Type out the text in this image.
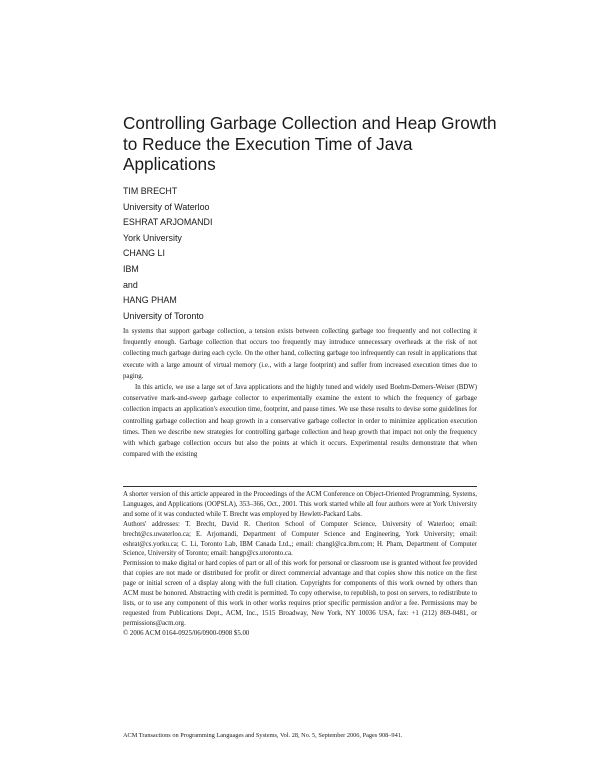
Controlling Garbage Collection and Heap Growth to Reduce the Execution Time of Java Applications
TIM BRECHT
University of Waterloo
ESHRAT ARJOMANDI
York University
CHANG LI
IBM
and
HANG PHAM
University of Toronto

In systems that support garbage collection, a tension exists between collecting garbage too frequently and not collecting it frequently enough. Garbage collection that occurs too frequently may introduce unnecessary overheads at the risk of not collecting much garbage during each cycle. On the other hand, collecting garbage too infrequently can result in applications that execute with a large amount of virtual memory (i.e., with a large footprint) and suffer from increased execution times due to paging.

In this article, we use a large set of Java applications and the highly tuned and widely used Boehm-Demers-Weiser (BDW) conservative mark-and-sweep garbage collector to experimentally examine the extent to which the frequency of garbage collection impacts an application's execution time, footprint, and pause times. We use these results to devise some guidelines for controlling garbage collection and heap growth in a conservative garbage collector in order to minimize application execution times. Then we describe new strategies for controlling garbage collection and heap growth that impact not only the frequency with which garbage collection occurs but also the points at which it occurs. Experimental results demonstrate that when compared with the existing

A shorter version of this article appeared in the Proceedings of the ACM Conference on Object-Oriented Programming, Systems, Languages, and Applications (OOPSLA), 353–366, Oct., 2001. This work started while all four authors were at York University and some of it was conducted while T. Brecht was employed by Hewlett-Packard Labs.

Authors' addresses: T. Brecht, David R. Cheriton School of Computer Science, University of Waterloo; email: brecht@cs.uwaterloo.ca; E. Arjomandi, Department of Computer Science and Engineering, York University; email: eshrat@cs.yorku.ca; C. Li, Toronto Lab, IBM Canada Ltd.,; email: changl@ca.ibm.com; H. Pham, Department of Computer Science, University of Toronto; email: hangp@cs.utoronto.ca.

Permission to make digital or hard copies of part or all of this work for personal or classroom use is granted without fee provided that copies are not made or distributed for profit or direct commercial advantage and that copies show this notice on the first page or initial screen of a display along with the full citation. Copyrights for components of this work owned by others than ACM must be honored. Abstracting with credit is permitted. To copy otherwise, to republish, to post on servers, to redistribute to lists, or to use any component of this work in other works requires prior specific permission and/or a fee. Permissions may be requested from Publications Dept., ACM, Inc., 1515 Broadway, New York, NY 10036 USA, fax: +1 (212) 869-0481, or permissions@acm.org.

© 2006 ACM 0164-0925/06/0900-0908 $5.00

ACM Transactions on Programming Languages and Systems, Vol. 28, No. 5, September 2006, Pages 908–941.
